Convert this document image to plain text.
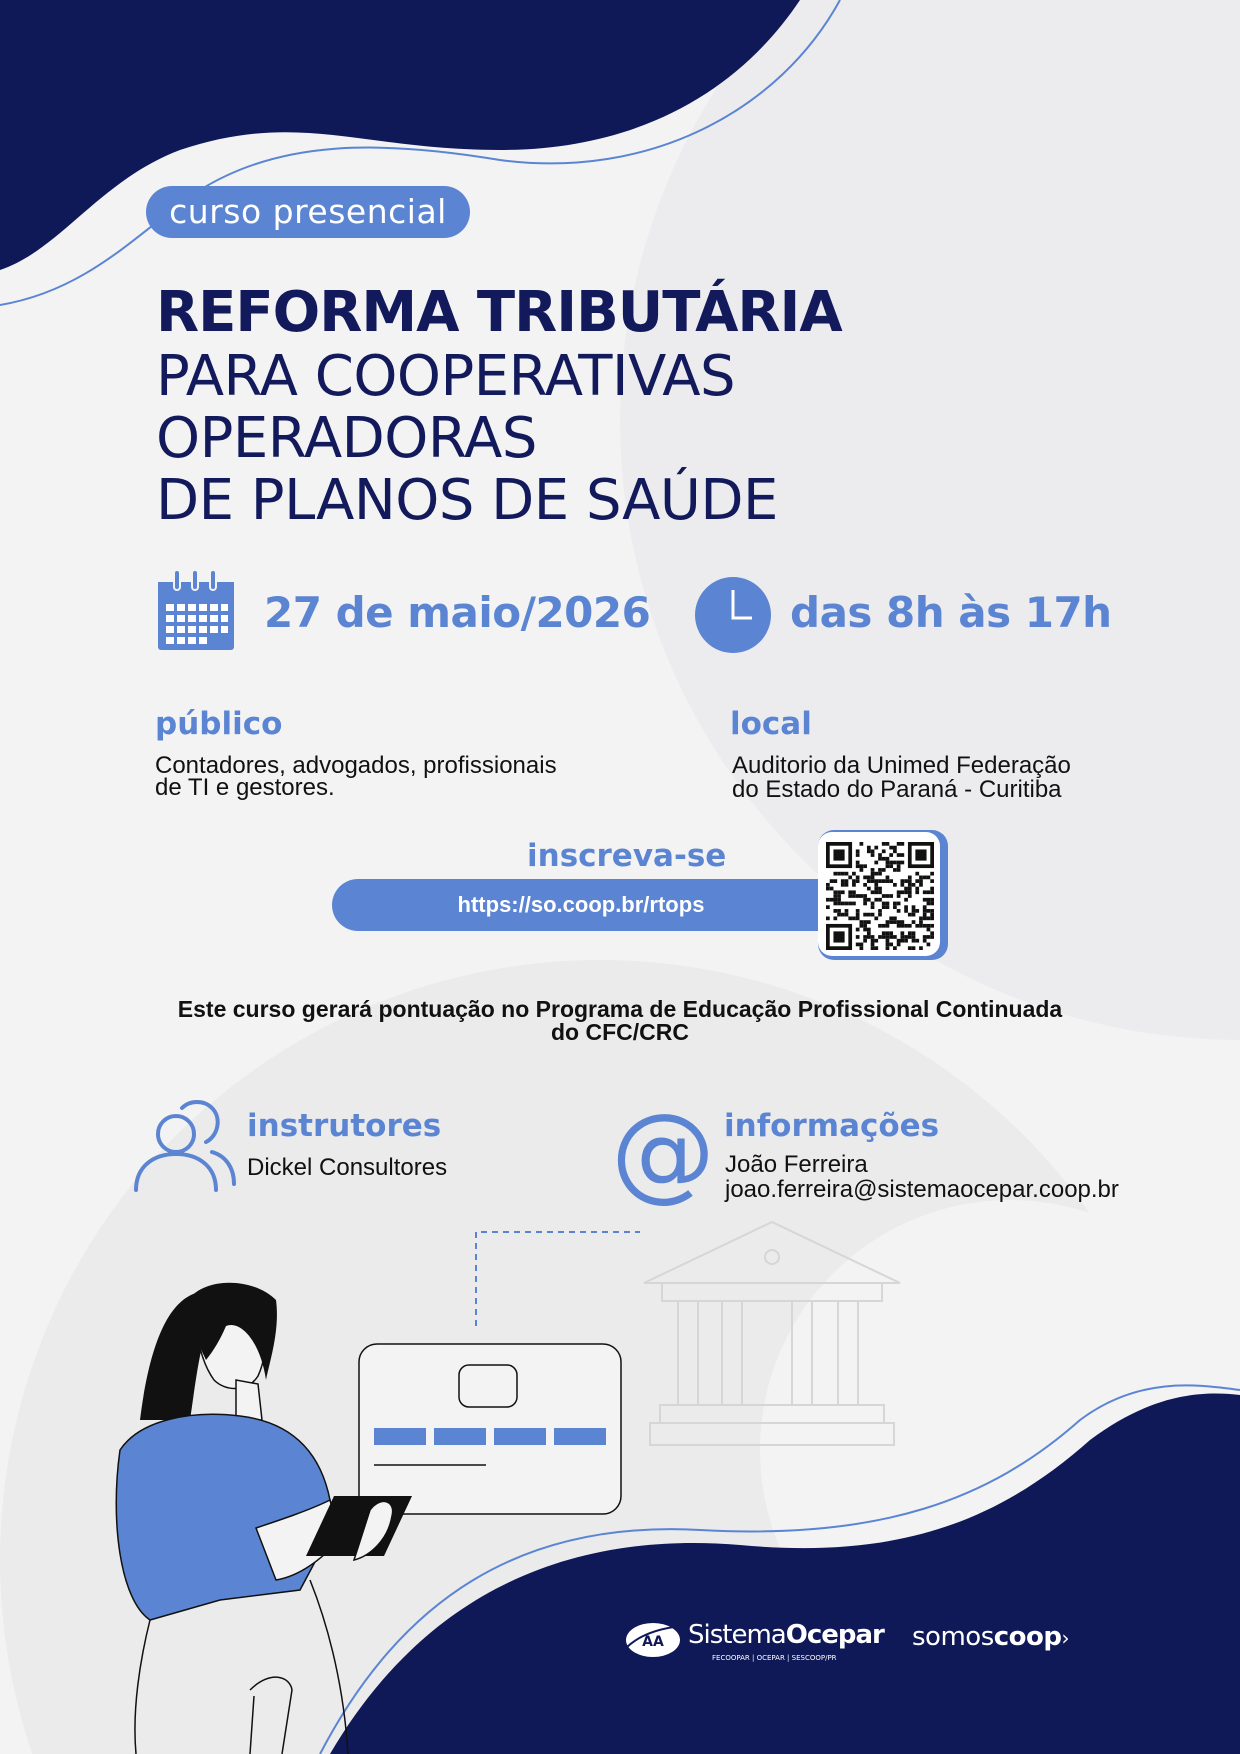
curso presencial
REFORMA TRIBUTÁRIA
PARA COOPERATIVAS
OPERADORAS
DE PLANOS DE SAÚDE
27 de maio/2026	das 8h às 17h
público
Contadores, advogados, profissionais
de TI e gestores.
local
Auditorio da Unimed Federação
do Estado do Paraná - Curitiba
inscreva-se
https://so.coop.br/rtops
Este curso gerará pontuação no Programa de Educação Profissional Continuada
do CFC/CRC
instrutores
Dickel Consultores @ informações
João Ferreira
joao.ferreira@sistemaocepar.coop.br
AA SistemaOcepar
FECOOPAR | OCEPAR | SESCOOP/PR
somoscoop›
